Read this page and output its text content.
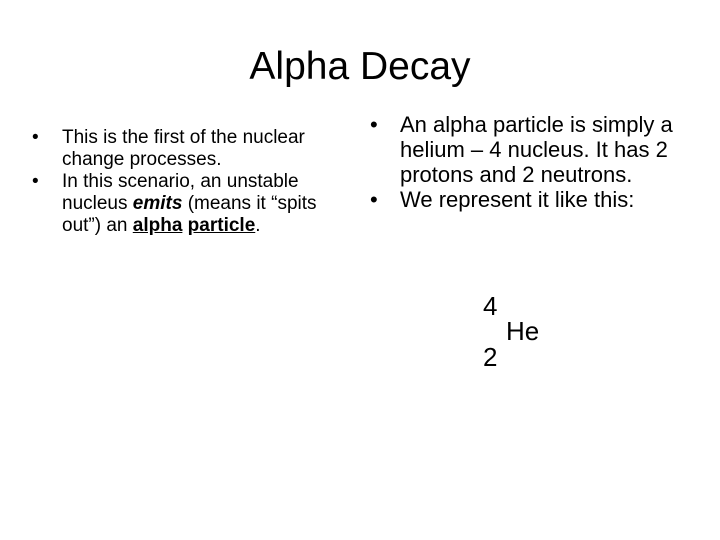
Alpha Decay
• This is the first of the nuclear change processes.
• In this scenario, an unstable nucleus emits (means it “spits out”) an alpha particle.
• An alpha particle is simply a helium – 4 nucleus. It has 2 protons and 2 neutrons.
• We represent it like this:
4
He
2
